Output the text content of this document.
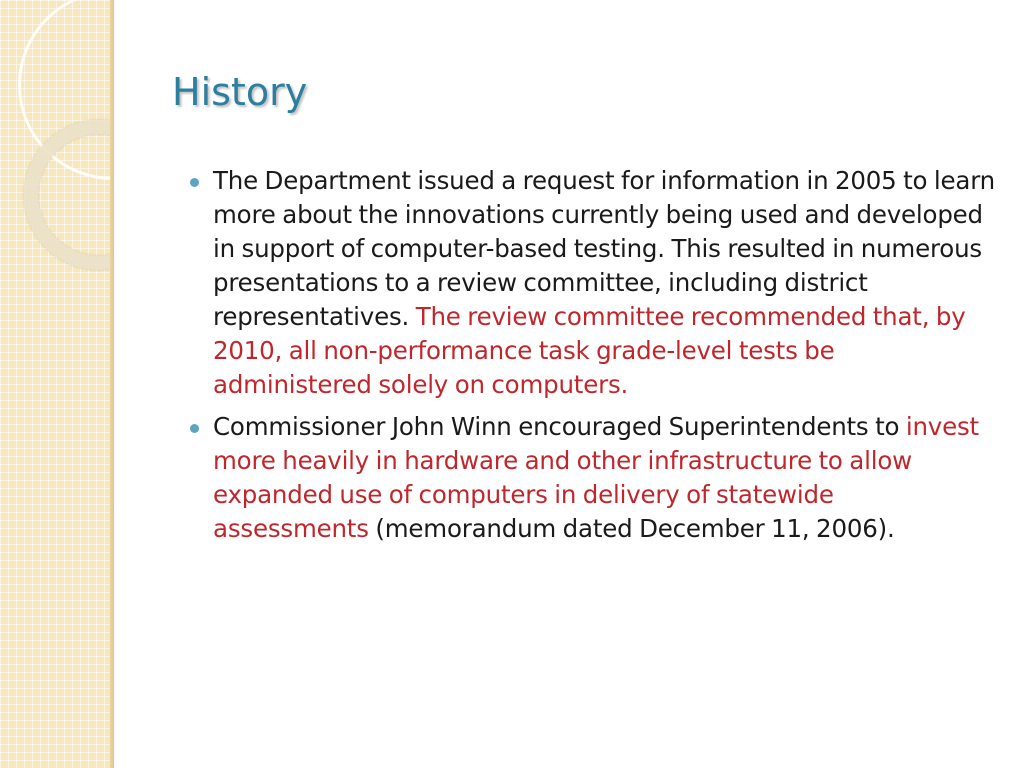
History
The Department issued a request for information in 2005 to learn more about the innovations currently being used and developed in support of computer-based testing. This resulted in numerous presentations to a review committee, including district representatives. The review committee recommended that, by 2010, all non-performance task grade-level tests be administered solely on computers.
Commissioner John Winn encouraged Superintendents to invest more heavily in hardware and other infrastructure to allow expanded use of computers in delivery of statewide assessments (memorandum dated December 11, 2006).
